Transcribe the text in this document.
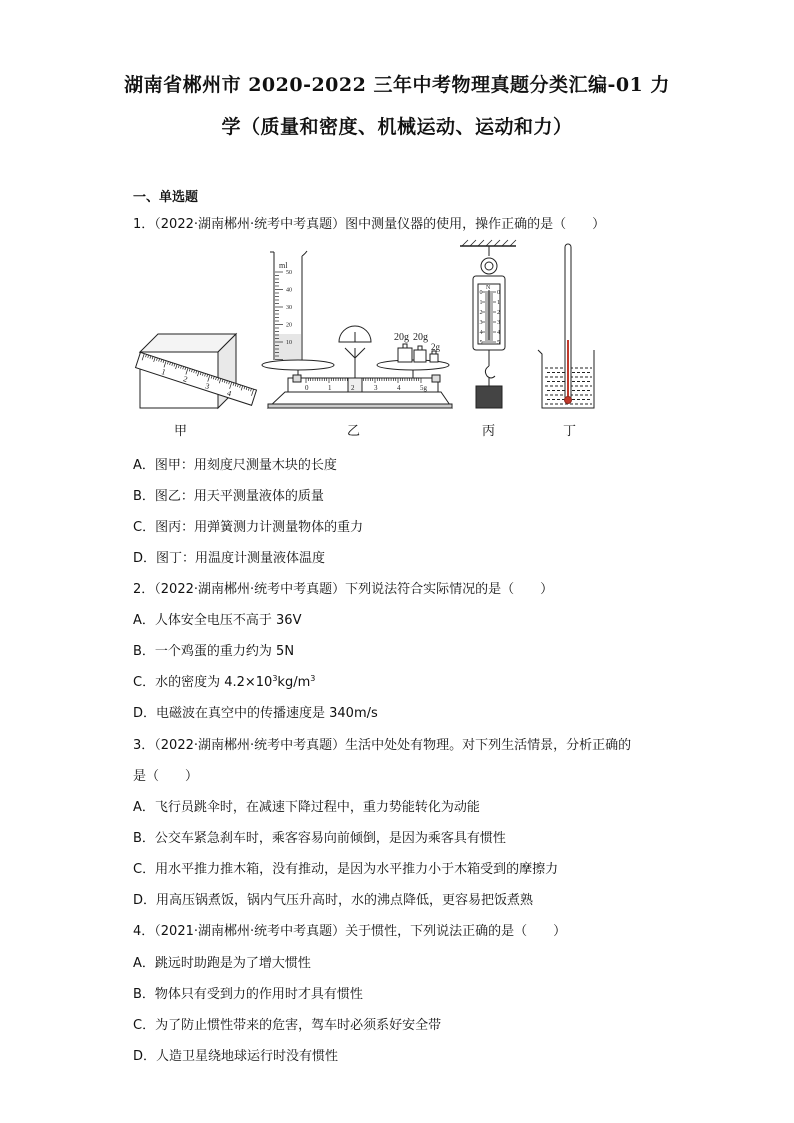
湖南省郴州市 2020-2022 三年中考物理真题分类汇编-01 力
学（质量和密度、机械运动、运动和力）
一、单选题
1．（2022·湖南郴州·统考中考真题）图中测量仪器的使用，操作正确的是（　　）
ml
50
40
30
20
10
1
2
3
4
0	1	2	3	4	5g
20g 20g
2g
N
0 0
1 1
2 2
3 3
4 4
5 5
甲	乙	丙	丁
A．图甲：用刻度尺测量木块的长度
B．图乙：用天平测量液体的质量
C．图丙：用弹簧测力计测量物体的重力
D．图丁：用温度计测量液体温度
2．（2022·湖南郴州·统考中考真题）下列说法符合实际情况的是（　　）
A．人体安全电压不高于 36V
B．一个鸡蛋的重力约为 5N
C．水的密度为 $4.2\times 10^3kg/m^3$
D．电磁波在真空中的传播速度是 340m/s
3．（2022·湖南郴州·统考中考真题）生活中处处有物理。对下列生活情景，分析正确的
是（　　）
A．飞行员跳伞时，在减速下降过程中，重力势能转化为动能
B．公交车紧急刹车时，乘客容易向前倾倒，是因为乘客具有惯性
C．用水平推力推木箱，没有推动，是因为水平推力小于木箱受到的摩擦力
D．用高压锅煮饭，锅内气压升高时，水的沸点降低，更容易把饭煮熟
4．（2021·湖南郴州·统考中考真题）关于惯性，下列说法正确的是（　　）
A．跳远时助跑是为了增大惯性
B．物体只有受到力的作用时才具有惯性
C．为了防止惯性带来的危害，驾车时必须系好安全带
D．人造卫星绕地球运行时没有惯性
